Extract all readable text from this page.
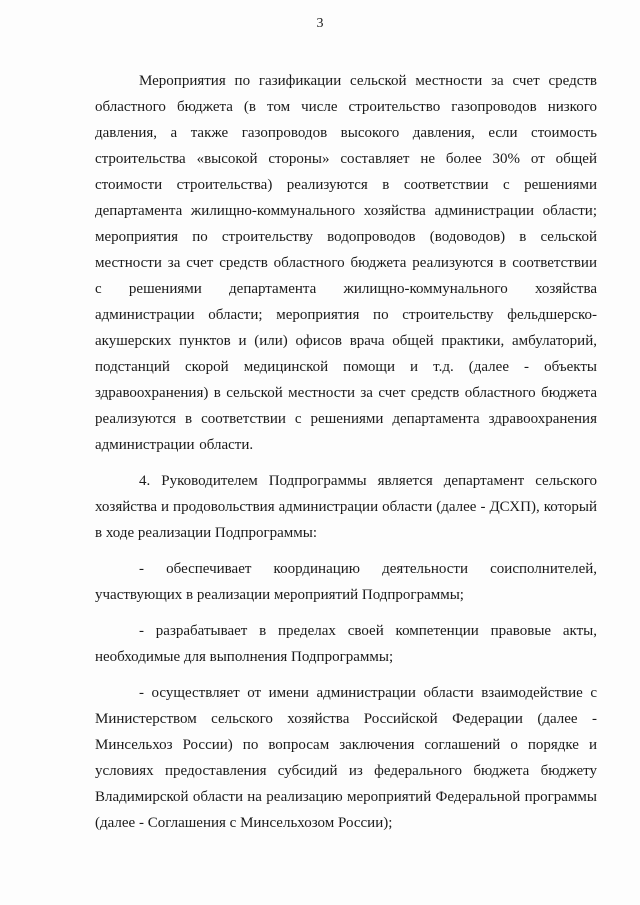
3

Мероприятия по газификации сельской местности за счет средств областного бюджета (в том числе строительство газопроводов низкого давления, а также газопроводов высокого давления, если стоимость строительства «высокой стороны» составляет не более 30% от общей стоимости строительства) реализуются в соответствии с решениями департамента жилищно-коммунального хозяйства администрации области; мероприятия по строительству водопроводов (водоводов) в сельской местности за счет средств областного бюджета реализуются в соответствии с решениями департамента жилищно-коммунального хозяйства администрации области; мероприятия по строительству фельдшерско-акушерских пунктов и (или) офисов врача общей практики, амбулаторий, подстанций скорой медицинской помощи и т.д. (далее - объекты здравоохранения) в сельской местности за счет средств областного бюджета реализуются в соответствии с решениями департамента здравоохранения администрации области.

4. Руководителем Подпрограммы является департамент сельского хозяйства и продовольствия администрации области (далее - ДСХП), который в ходе реализации Подпрограммы:

- обеспечивает координацию деятельности соисполнителей, участвующих в реализации мероприятий Подпрограммы;

- разрабатывает в пределах своей компетенции правовые акты, необходимые для выполнения Подпрограммы;

- осуществляет от имени администрации области взаимодействие с Министерством сельского хозяйства Российской Федерации (далее - Минсельхоз России) по вопросам заключения соглашений о порядке и условиях предоставления субсидий из федерального бюджета бюджету Владимирской области на реализацию мероприятий Федеральной программы (далее - Соглашения с Минсельхозом России);
